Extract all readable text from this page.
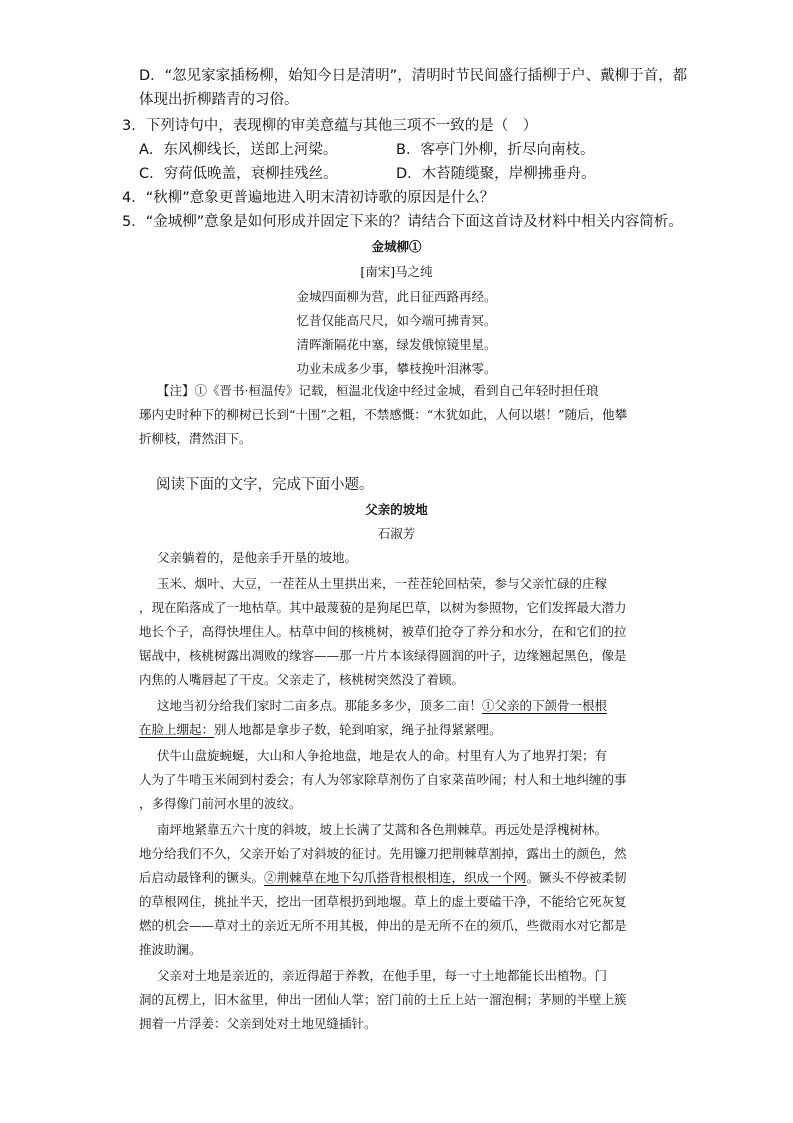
D．“忽见家家插杨柳，始知今日是清明”，清明时节民间盛行插柳于户、戴柳于首，都
体现出折柳踏青的习俗。
3．下列诗句中，表现柳的审美意蕴与其他三项不一致的是（　）
A．东风柳线长，送郎上河梁。	B．客亭门外柳，折尽向南枝。
C．穷荷低晚盖，衰柳挂残丝。	D．木苔随缆聚，岸柳拂垂舟。
4．“秋柳”意象更普遍地进入明末清初诗歌的原因是什么？
5．“金城柳”意象是如何形成并固定下来的？请结合下面这首诗及材料中相关内容简析。
金城柳①
[南宋]马之纯
金城四面柳为营，此日征西路再经。
忆昔仅能高尺尺，如今端可拂青冥。
清晖渐隔花中塞，绿发俄惊镜里星。
功业未成多少事，攀枝挽叶泪淋零。
【注】①《晋书·桓温传》记载，桓温北伐途中经过金城，看到自己年轻时担任琅
琊内史时种下的柳树已长到“十围”之粗，不禁感慨：“木犹如此，人何以堪！”随后，他攀
折柳枝，潸然泪下。
阅读下面的文字，完成下面小题。
父亲的坡地
石淑芳
父亲躺着的，是他亲手开垦的坡地。
玉米、烟叶、大豆，一茬茬从土里拱出来，一茬茬轮回枯荣，参与父亲忙碌的庄稼
，现在陷落成了一地枯草。其中最蔑藐的是狗尾巴草，以树为参照物，它们发挥最大潜力
地长个子，高得快埋住人。枯草中间的核桃树，被草们抢夺了养分和水分，在和它们的拉
锯战中，核桃树露出凋败的缘容——那一片片本该绿得圆润的叶子，边缘翘起黑色，像是
内焦的人嘴唇起了干皮。父亲走了，核桃树突然没了着顾。
这地当初分给我们家时二亩多点。那能多多少，顶多二亩！①父亲的下颌骨一根根
在脸上绷起：别人地都是拿步子数，轮到咱家，绳子扯得紧紧哩。
伏牛山盘旋蜿蜒，大山和人争抢地盘，地是农人的命。村里有人为了地界打架；有
人为了牛啃玉米闹到村委会；有人为邻家除草剂伤了自家菜苗吵闹；村人和土地纠缠的事
，多得像门前河水里的波纹。
南坪地紧靠五六十度的斜坡，坡上长满了艾蒿和各色荆棘草。再远处是浮槐树林。
地分给我们不久，父亲开始了对斜坡的征讨。先用镰刀把荆棘草割掉，露出土的颜色，然
后启动最锋利的镢头。②荆棘草在地下勾爪搭背根根相连，织成一个网。镢头不停被柔韧
的草根网住，挑扯半天，挖出一团草根扔到地堰。草上的虚土要磕干净，不能给它死灰复
燃的机会——草对土的亲近无所不用其极，伸出的是无所不在的须爪，些微雨水对它都是
推波助澜。
父亲对土地是亲近的，亲近得超于养教，在他手里，每一寸土地都能长出植物。门
洞的瓦楞上，旧木盆里，伸出一团仙人掌；窑门前的土丘上站一溜泡桐；茅厕的半壁上簇
拥着一片浮姜：父亲到处对土地见缝插针。
